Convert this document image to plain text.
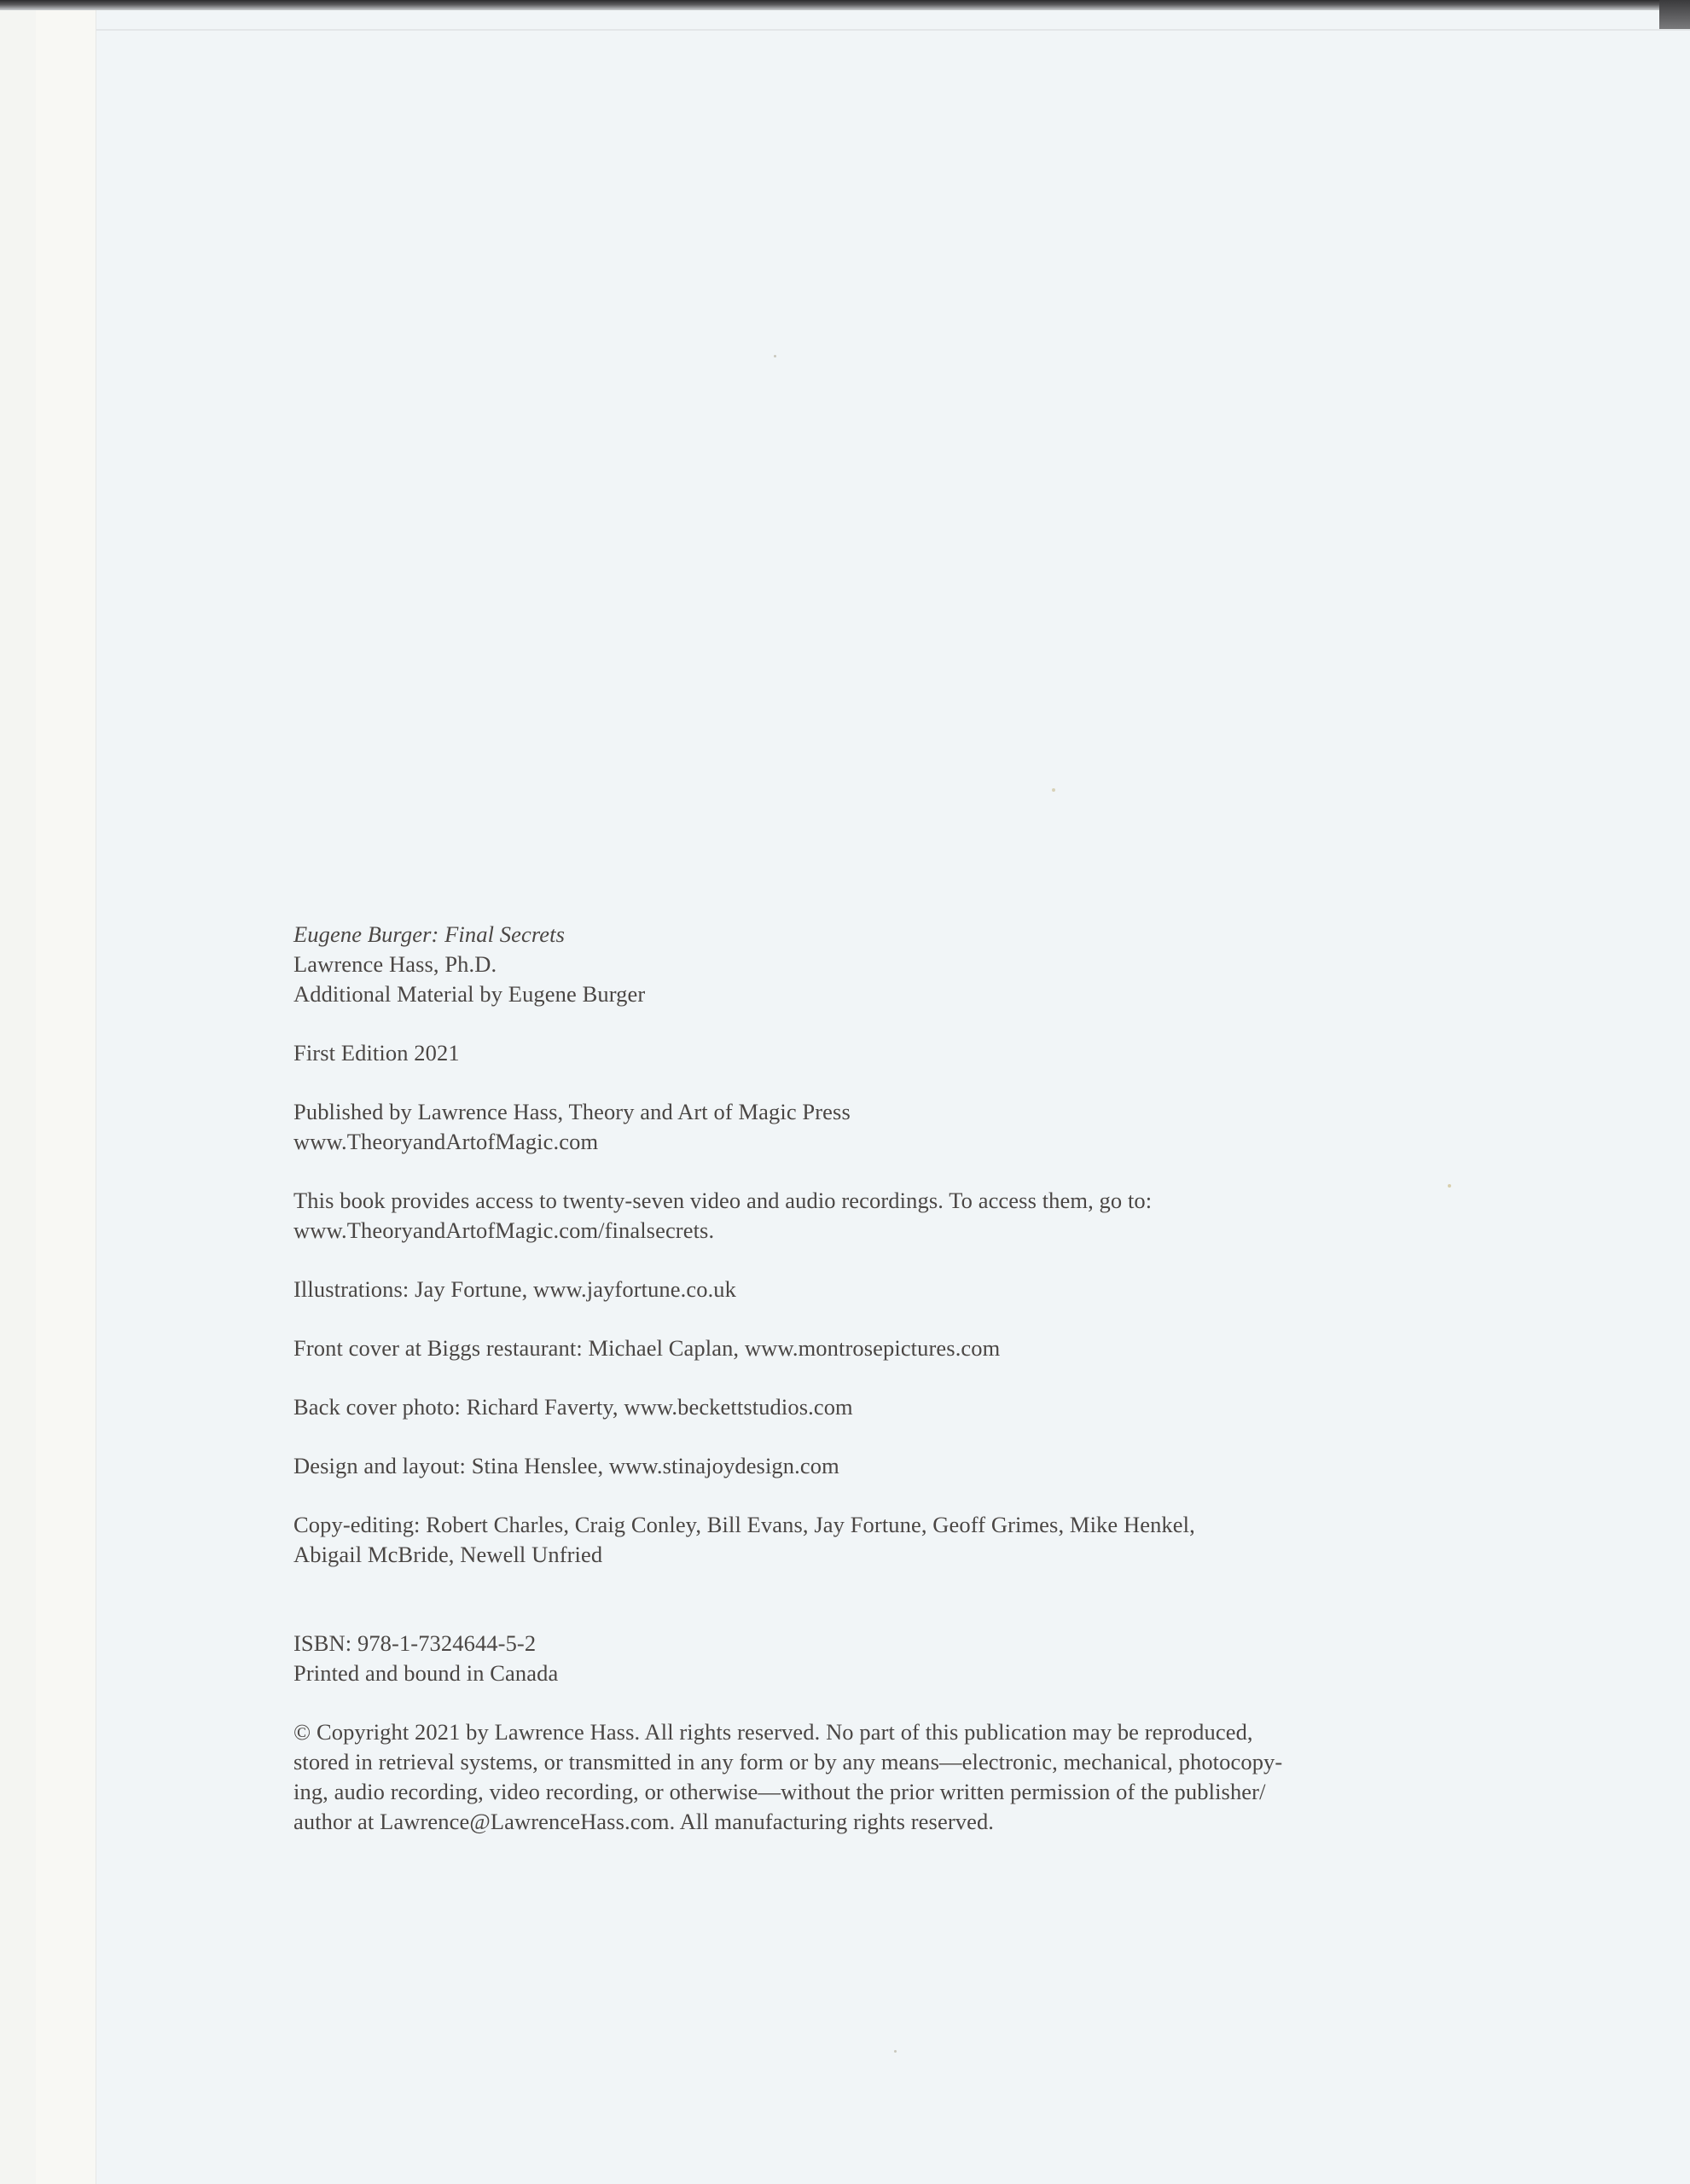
Eugene Burger: Final Secrets

Lawrence Hass, Ph.D.

Additional Material by Eugene Burger

First Edition 2021

Published by Lawrence Hass, Theory and Art of Magic Press

www.TheoryandArtofMagic.com

This book provides access to twenty-seven video and audio recordings. To access them, go to:

www.TheoryandArtofMagic.com/finalsecrets.

Illustrations: Jay Fortune, www.jayfortune.co.uk

Front cover at Biggs restaurant: Michael Caplan, www.montrosepictures.com

Back cover photo: Richard Faverty, www.beckettstudios.com

Design and layout: Stina Henslee, www.stinajoydesign.com

Copy-editing: Robert Charles, Craig Conley, Bill Evans, Jay Fortune, Geoff Grimes, Mike Henkel,

Abigail McBride, Newell Unfried

ISBN: 978-1-7324644-5-2

Printed and bound in Canada

© Copyright 2021 by Lawrence Hass. All rights reserved. No part of this publication may be reproduced,

stored in retrieval systems, or transmitted in any form or by any means—electronic, mechanical, photocopy-

ing, audio recording, video recording, or otherwise—without the prior written permission of the publisher/

author at Lawrence@LawrenceHass.com. All manufacturing rights reserved.
